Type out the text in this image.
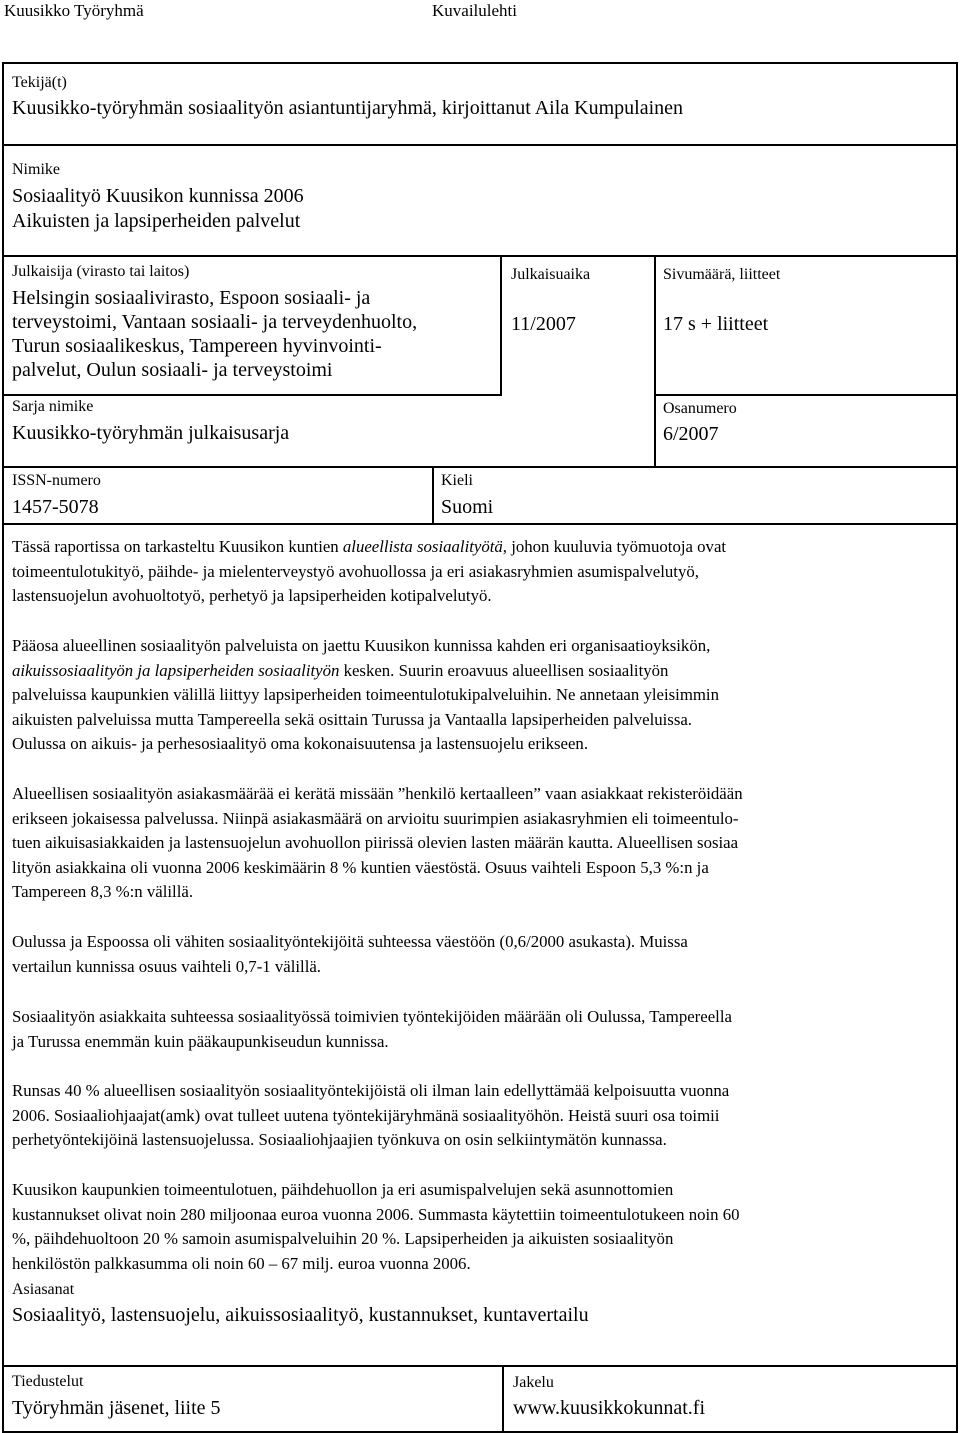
Kuusikko Työryhmä	Kuvailulehti
Tekijä(t)
Kuusikko-työryhmän sosiaalityön asiantuntijaryhmä, kirjoittanut Aila Kumpulainen
Nimike
Sosiaalityö Kuusikon kunnissa 2006
Aikuisten ja lapsiperheiden palvelut
Julkaisija (virasto tai laitos)
Helsingin sosiaalivirasto, Espoon sosiaali- ja
terveystoimi, Vantaan sosiaali- ja terveydenhuolto,
Turun sosiaalikeskus, Tampereen hyvinvointi-
palvelut, Oulun sosiaali- ja terveystoimi
Julkaisuaika
11/2007
Sivumäärä, liitteet
17 s + liitteet
Sarja nimike
Kuusikko-työryhmän julkaisusarja
Osanumero
6/2007
ISSN-numero
1457-5078
Kieli
Suomi
Tässä raportissa on tarkasteltu Kuusikon kuntien alueellista sosiaalityötä, johon kuuluvia työmuotoja ovat
toimeentulotukityö, päihde- ja mielenterveystyö avohuollossa ja eri asiakasryhmien asumispalvelutyö,
lastensuojelun avohuoltotyö, perhetyö ja lapsiperheiden kotipalvelutyö.
Pääosa alueellinen sosiaalityön palveluista on jaettu Kuusikon kunnissa kahden eri organisaatioyksikön,
aikuissosiaalityön ja lapsiperheiden sosiaalityön kesken. Suurin eroavuus alueellisen sosiaalityön
palveluissa kaupunkien välillä liittyy lapsiperheiden toimeentulotukipalveluihin. Ne annetaan yleisimmin
aikuisten palveluissa mutta Tampereella sekä osittain Turussa ja Vantaalla lapsiperheiden palveluissa.
Oulussa on aikuis- ja perhesosiaalityö oma kokonaisuutensa ja lastensuojelu erikseen.
Alueellisen sosiaalityön asiakasmäärää ei kerätä missään ”henkilö kertaalleen” vaan asiakkaat rekisteröidään
erikseen jokaisessa palvelussa. Niinpä asiakasmäärä on arvioitu suurimpien asiakasryhmien eli toimeentulo-
tuen aikuisasiakkaiden ja lastensuojelun avohuollon piirissä olevien lasten määrän kautta. Alueellisen sosiaa
lityön asiakkaina oli vuonna 2006 keskimäärin 8 % kuntien väestöstä. Osuus vaihteli Espoon 5,3 %:n ja
Tampereen 8,3 %:n välillä.
Oulussa ja Espoossa oli vähiten sosiaalityöntekijöitä suhteessa väestöön (0,6/2000 asukasta). Muissa
vertailun kunnissa osuus vaihteli 0,7-1 välillä.
Sosiaalityön asiakkaita suhteessa sosiaalityössä toimivien työntekijöiden määrään oli Oulussa, Tampereella
ja Turussa enemmän kuin pääkaupunkiseudun kunnissa.
Runsas 40 % alueellisen sosiaalityön sosiaalityöntekijöistä oli ilman lain edellyttämää kelpoisuutta vuonna
2006. Sosiaaliohjaajat(amk) ovat tulleet uutena työntekijäryhmänä sosiaalityöhön. Heistä suuri osa toimii
perhetyöntekijöinä lastensuojelussa. Sosiaaliohjaajien työnkuva on osin selkiintymätön kunnassa.
Kuusikon kaupunkien toimeentulotuen, päihdehuollon ja eri asumispalvelujen sekä asunnottomien
kustannukset olivat noin 280 miljoonaa euroa vuonna 2006. Summasta käytettiin toimeentulotukeen noin 60
%, päihdehuoltoon 20 % samoin asumispalveluihin 20 %. Lapsiperheiden ja aikuisten sosiaalityön
henkilöstön palkkasumma oli noin 60 – 67 milj. euroa vuonna 2006.
Asiasanat
Sosiaalityö, lastensuojelu, aikuissosiaalityö, kustannukset, kuntavertailu
Tiedustelut
Työryhmän jäsenet, liite 5
Jakelu
www.kuusikkokunnat.fi
